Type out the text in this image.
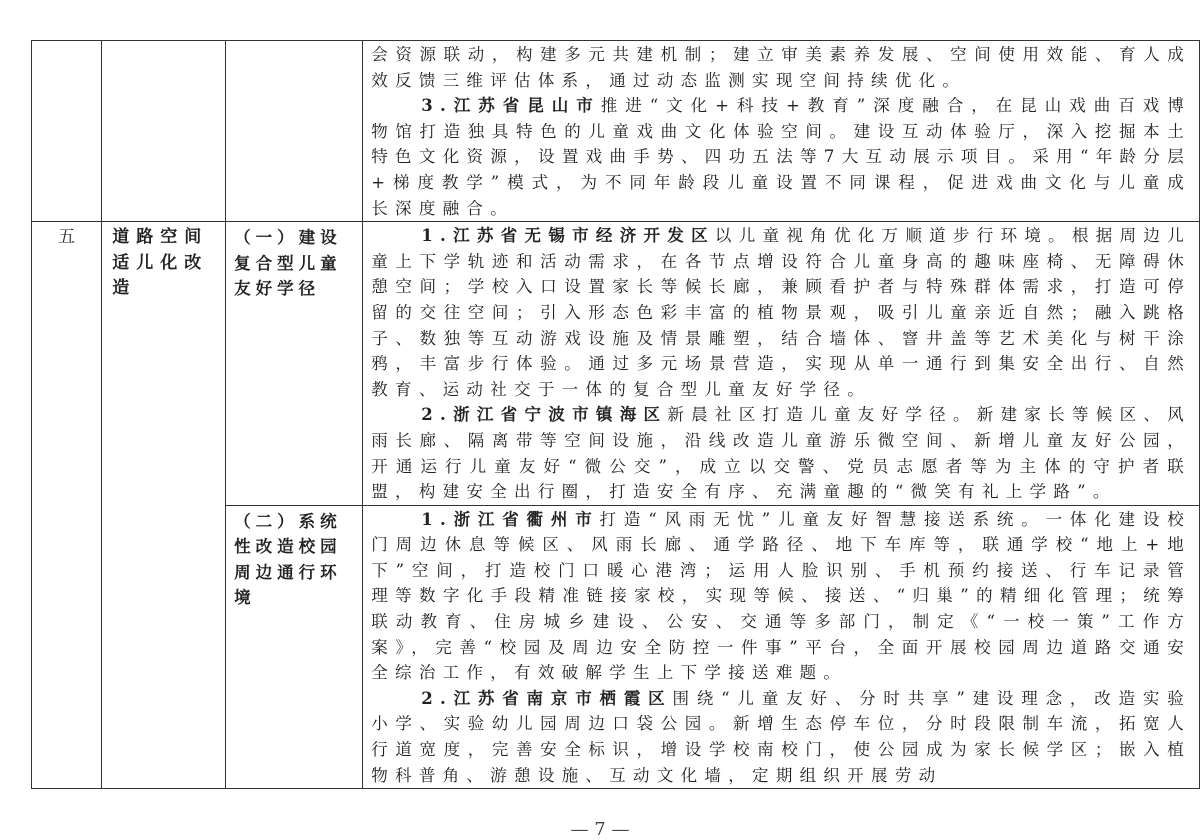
			会资源联动，构建多元共建机制；建立审美素养发展、空间使用效能、育人成效反馈三维评估体系，通过动态监测实现空间持续优化。

3.江苏省昆山市推进“文化+科技+教育”深度融合，在昆山戏曲百戏博物馆打造独具特色的儿童戏曲文化体验空间。建设互动体验厅，深入挖掘本土特色文化资源，设置戏曲手势、四功五法等7大互动展示项目。采用“年龄分层+梯度教学”模式，为不同年龄段儿童设置不同课程，促进戏曲文化与儿童成长深度融合。

五	道路空间适儿化改造	（一）建设复合型儿童友好学径	1.江苏省无锡市经济开发区以儿童视角优化万顺道步行环境。根据周边儿童上下学轨迹和活动需求，在各节点增设符合儿童身高的趣味座椅、无障碍休憩空间；学校入口设置家长等候长廊，兼顾看护者与特殊群体需求，打造可停留的交往空间；引入形态色彩丰富的植物景观，吸引儿童亲近自然；融入跳格子、数独等互动游戏设施及情景雕塑，结合墙体、窨井盖等艺术美化与树干涂鸦，丰富步行体验。通过多元场景营造，实现从单一通行到集安全出行、自然教育、运动社交于一体的复合型儿童友好学径。

2.浙江省宁波市镇海区新晨社区打造儿童友好学径。新建家长等候区、风雨长廊、隔离带等空间设施，沿线改造儿童游乐微空间、新增儿童友好公园，开通运行儿童友好“微公交”，成立以交警、党员志愿者等为主体的守护者联盟，构建安全出行圈，打造安全有序、充满童趣的“微笑有礼上学路”。

		（二）系统性改造校园周边通行环境	1.浙江省衢州市打造“风雨无忧”儿童友好智慧接送系统。一体化建设校门周边休息等候区、风雨长廊、通学路径、地下车库等，联通学校“地上+地下”空间，打造校门口暖心港湾；运用人脸识别、手机预约接送、行车记录管理等数字化手段精准链接家校，实现等候、接送、“归巢”的精细化管理；统筹联动教育、住房城乡建设、公安、交通等多部门，制定《“一校一策”工作方案》，完善“校园及周边安全防控一件事”平台，全面开展校园周边道路交通安全综治工作，有效破解学生上下学接送难题。

2.江苏省南京市栖霞区围绕“儿童友好、分时共享”建设理念，改造实验小学、实验幼儿园周边口袋公园。新增生态停车位，分时段限制车流，拓宽人行道宽度，完善安全标识，增设学校南校门，使公园成为家长候学区；嵌入植物科普角、游憩设施、互动文化墙，定期组织开展劳动

— 7 —
